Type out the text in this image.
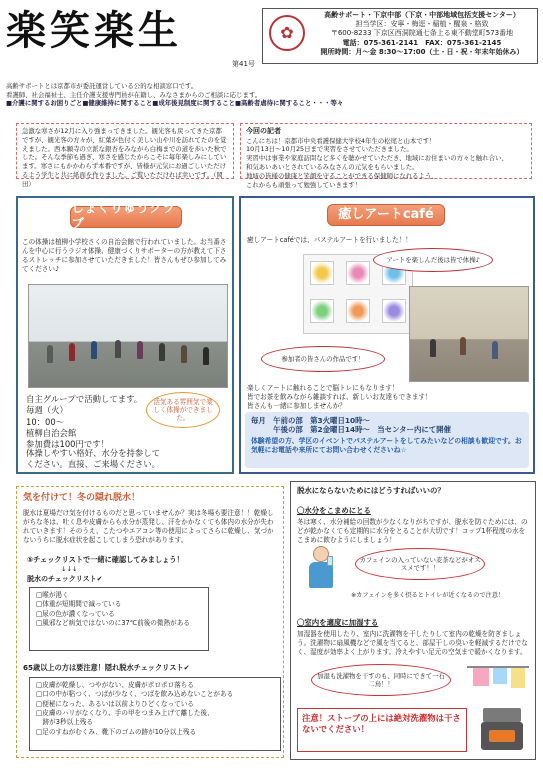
楽笑楽生
第41号
✿
高齢サポート・下京中部（下京・中部地域包括支援センター）
担当学区：安寧・梅逕・稲植・醒泉・格致
〒600-8233 下京区西洞院通七条上る東不動堂町573番地
電話：075-361-2141　FAX：075-361-2145
開所時間：月〜金 8:30〜17:00（土・日・祝・年末年始休み）
高齢サポートとは京都市が委託運営している公的な相談窓口です。
看護師、社会福祉士、主任介護支援専門員が在籍し、みなさまからのご相談に応じます。
■介護に関するお困りごと■健康維持に関すること■成年後見制度に関すること■高齢者虐待に関すること・・・等々
急激な寒さが12月に入り強まってきました。観光客も戻ってきた京都ですが、観光客の方々が、紅葉が色付く美しい山や川を訪れてたのを覚えました。西本願寺の立派な銀杏をみながら白梅までの道を歩いた秋でした。そんな季節も過ぎ、寒さを感じたからこそに毎年楽しみにしています。寒さにもかかわらず本番ですが、皆様が元気にお過ごしいただけるよう学生と共に紙面を作りました。ご覧いただければ幸いです。（岡田）
今回の記者
こんにちは！京都市中央看護保健大学校4年生の松尾と山本です！
10月13日〜10月25日まで実習をさせていただきました。
実習中は事業や家庭訪問など多くを聴かせていただき、地域にお住まいの方々と触れ合い、
和気あいあいとされているみなさんの元気をもらいました。
地域の皆様の健康と笑顔を守ることができる保健師になれるよう、
これからも頑張って勉強していきます！
しょくりゅうクラブ
この体操は植柳小学校さくの自治会館で行われていました。お当番さんを中心に行うラジオ体操、健康づくりサポーターの方が教えて下さるストレッチに参加させていただきました！皆さんもぜひ参加してみてください♪
活気ある雰囲気で楽しく体操ができました。
自主グループで活動してます。
毎週（火）
10：00〜
植柳自治会館
参加費は100円です！
体操しやすい格好、水分を持参して
ください。直接、ご来場ください。
癒しアートcafé
癒しアートcaféでは、パステルアートを行いました！！
アートを楽しんだ後は皆で体操♪
参加者の皆さんの作品です！
楽しくアートに触れることで脳トレにもなります！
皆でお茶を飲みながら雑談すれば、新しいお友達もできます！
皆さんも一緒に参加しませんか？
毎月　午前の部　第3火曜日10時〜
　　　午後の部　第2金曜日14時〜　当センター内にて開催
体験希望の方、学区のイベントでパステルアートをしてみたいなどの相談も歓迎です。お気軽にお電話や来所にてお問い合わせくださいね☆
気を付けて！冬の隠れ脱水！
脱水は夏場だけ気を付けるものだと思っていませんか？実は冬場も要注意！！乾燥しがちな冬は、吐く息や皮膚からも水分が蒸発し、汗をかかなくても体内の水分が失われていきます！そのうえ、こたつやエアコン等の使用によってさらに乾燥し、気づかないうちに脱水症状を起こしてしまう恐れがあります。
⑤チェックリストで一緒に確認してみましょう！
↓↓↓
脱水のチェックリスト✔
□喉が渇く
□体重が短期間で減っている
□尿の色が濃くなっている
□風邪など病気ではないのに37℃前後の微熱がある
65歳以上の方は要注意！隠れ脱水チェックリスト✔
□皮膚が乾燥し、つやがない、皮膚がポロポロ落ちる
□口の中が粘つく、つばが少なく、つばを飲み込めないことがある
□便秘になった、あるいは以前よりひどくなっている
□皮膚のハリがなくなり、手の甲をつまみ上げて離した後、
　跡が3秒以上残る
□足のすねがむくみ、靴下のゴムの跡が10分以上残る
脱水にならないためにはどうすればいいの？
〇水分をこまめにとる
冬は寒く、水分補給の回数が少なくなりがちですが、脱水を防ぐためには、のどが乾かなくても定期的に水分をとることが大切です！コップ1杯程度の水をこまめに飲むようにしましょう！
カフェインの入っていない麦茶などがオススメです！！
※カフェインを多く摂るとトイレが近くなるので注意！
〇室内を適度に加湿する
加湿器を使用したり、室内に洗濯物を干したりして室内の乾燥を防ぎましょう。洗濯物に扇風機などで風を当てると、部屋干しの臭いを軽減するだけでなく、湿度が効率よく上がります。冷えやすい足元の空気まで暖かくなります。
加湿も洗濯物を干すのも、同時にできて一石二鳥！！
注意！ストーブの上には絶対洗濯物は干さないでください！
